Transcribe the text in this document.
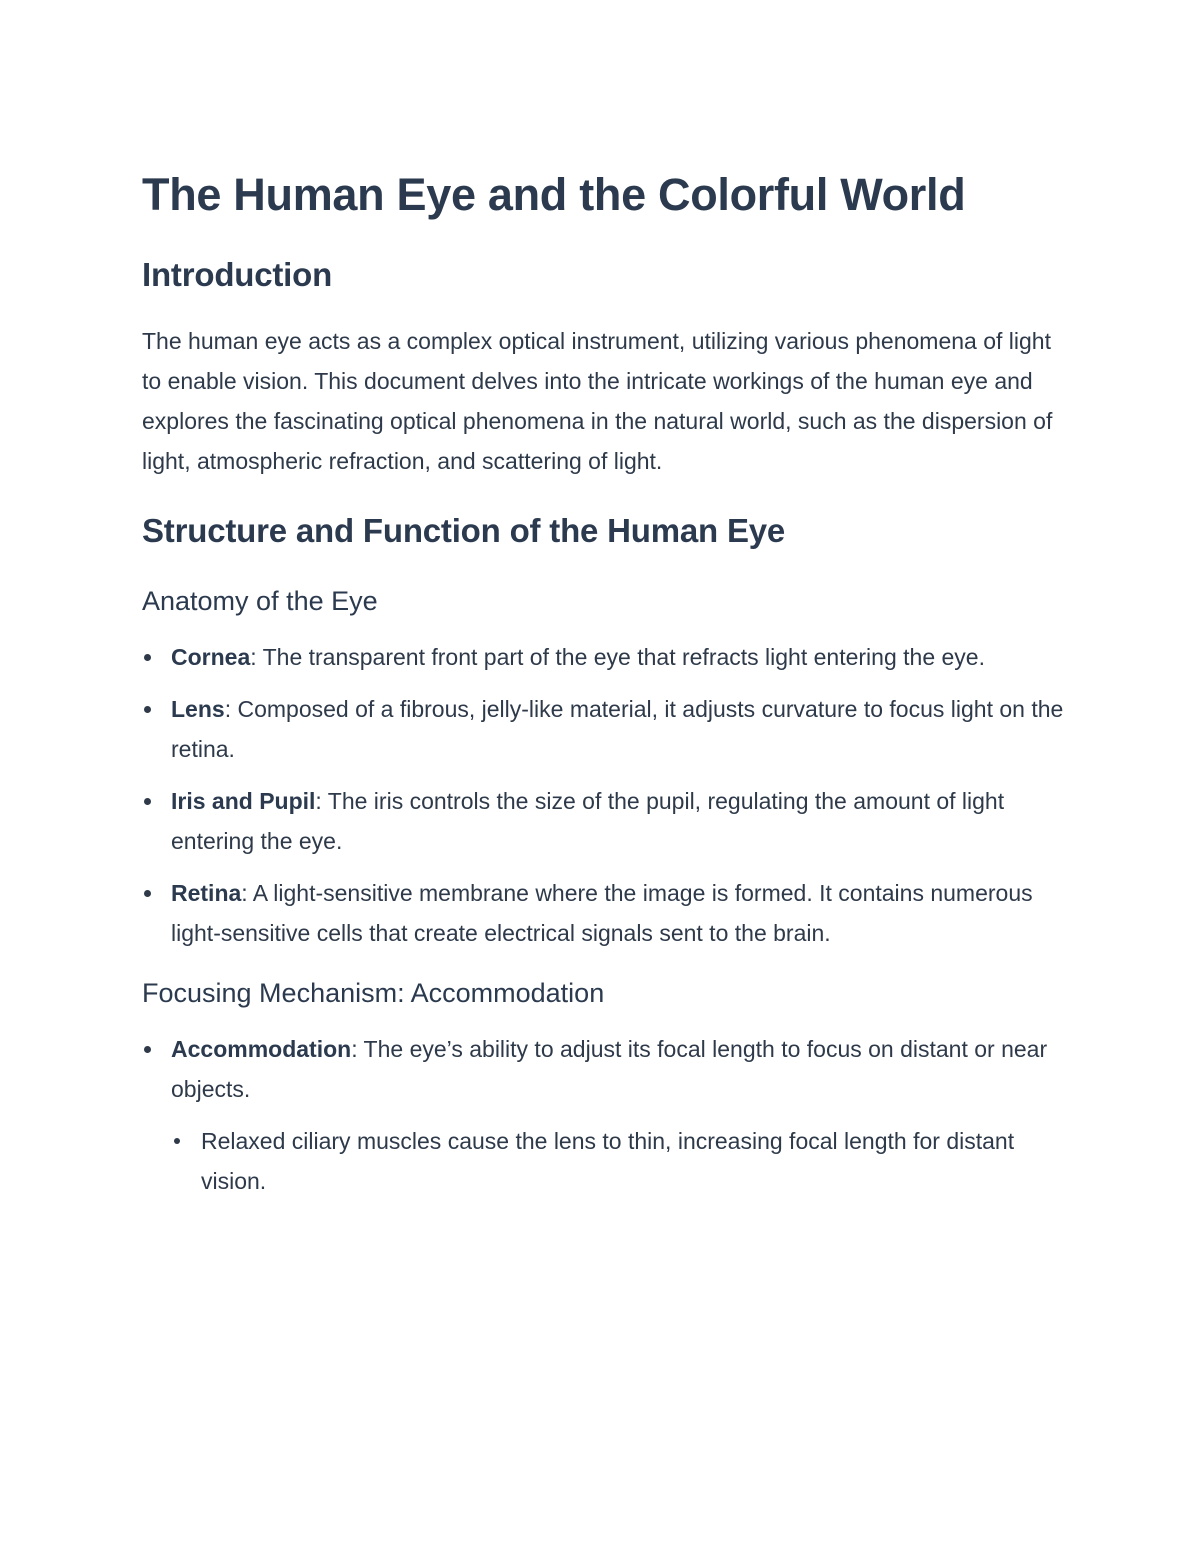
The Human Eye and the Colorful World
Introduction

The human eye acts as a complex optical instrument, utilizing various phenomena of light to enable vision. This document delves into the intricate workings of the human eye and explores the fascinating optical phenomena in the natural world, such as the dispersion of light, atmospheric refraction, and scattering of light.

Structure and Function of the Human Eye
Anatomy of the Eye
Cornea: The transparent front part of the eye that refracts light entering the eye.
Lens: Composed of a fibrous, jelly-like material, it adjusts curvature to focus light on the retina.
Iris and Pupil: The iris controls the size of the pupil, regulating the amount of light entering the eye.
Retina: A light-sensitive membrane where the image is formed. It contains numerous light-sensitive cells that create electrical signals sent to the brain.
Focusing Mechanism: Accommodation
Accommodation: The eye’s ability to adjust its focal length to focus on distant or near objects.
Relaxed ciliary muscles cause the lens to thin, increasing focal length for distant vision.
